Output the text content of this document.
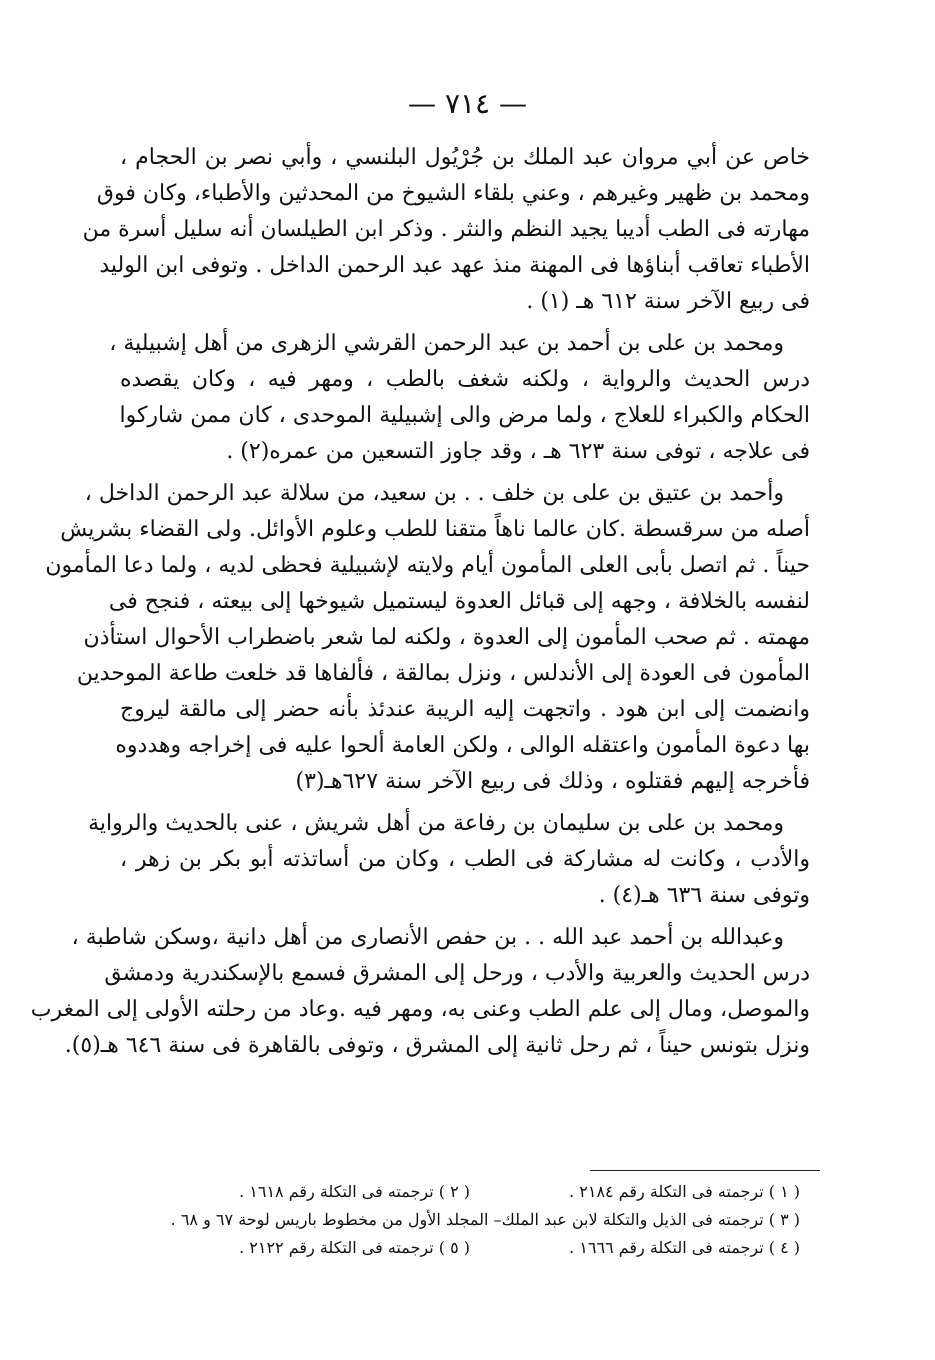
— ٧١٤ —
خاص عن أبي مروان عبد الملك بن جُرْيُول البلنسي ، وأبي نصر بن الحجام ،
ومحمد بن ظهير وغيرهم ، وعني بلقاء الشيوخ من المحدثين والأطباء، وكان فوق
مهارته فى الطب أديبا يجيد النظم والنثر . وذكر ابن الطيلسان أنه سليل أسرة من
الأطباء تعاقب أبناؤها فى المهنة منذ عهد عبد الرحمن الداخل . وتوفى ابن الوليد
فى ربيع الآخر سنة ٦١٢ هـ (١) .
ومحمد بن على بن أحمد بن عبد الرحمن القرشي الزهرى من أهل إشبيلية ،
درس الحديث والرواية ، ولكنه شغف بالطب ، ومهر فيه ، وكان يقصده
الحكام والكبراء للعلاج ، ولما مرض والى إشبيلية الموحدى ، كان ممن شاركوا
فى علاجه ، توفى سنة ٦٢٣ هـ ، وقد جاوز التسعين من عمره(٢) .
وأحمد بن عتيق بن على بن خلف . . بن سعيد، من سلالة عبد الرحمن الداخل ،
أصله من سرقسطة .كان عالما ناهاً متقنا للطب وعلوم الأوائل. ولى القضاء بشريش
حيناً . ثم اتصل بأبى العلى المأمون أيام ولايته لإشبيلية فحظى لديه ، ولما دعا المأمون
لنفسه بالخلافة ، وجهه إلى قبائل العدوة ليستميل شيوخها إلى بيعته ، فنجح فى
مهمته . ثم صحب المأمون إلى العدوة ، ولكنه لما شعر باضطراب الأحوال استأذن
المأمون فى العودة إلى الأندلس ، ونزل بمالقة ، فألفاها قد خلعت طاعة الموحدين
وانضمت إلى ابن هود . واتجهت إليه الريبة عندئذ بأنه حضر إلى مالقة ليروج
بها دعوة المأمون واعتقله الوالى ، ولكن العامة ألحوا عليه فى إخراجه وهددوه
فأخرجه إليهم فقتلوه ، وذلك فى ربيع الآخر سنة ٦٢٧هـ(٣)
ومحمد بن على بن سليمان بن رفاعة من أهل شريش ، عنى بالحديث والرواية
والأدب ، وكانت له مشاركة فى الطب ، وكان من أساتذته أبو بكر بن زهر ،
وتوفى سنة ٦٣٦ هـ(٤) .
وعبدالله بن أحمد عبد الله . . بن حفص الأنصارى من أهل دانية ،وسكن شاطبة ،
درس الحديث والعربية والأدب ، ورحل إلى المشرق فسمع بالإسكندرية ودمشق
والموصل، ومال إلى علم الطب وعنى به، ومهر فيه .وعاد من رحلته الأولى إلى المغرب
ونزل بتونس حيناً ، ثم رحل ثانية إلى المشرق ، وتوفى بالقاهرة فى سنة ٦٤٦ هـ(٥).
( ١ ) ترجمته فى التكلة رقم ٢١٨٤ .
( ٢ ) ترجمته فى التكلة رقم ١٦١٨ .
( ٣ ) ترجمته فى الذيل والتكلة لابن عبد الملك– المجلد الأول من مخطوط باريس لوحة ٦٧ و ٦٨ .
( ٤ ) ترجمته فى التكلة رقم ١٦٦٦ .
( ٥ ) ترجمته فى التكلة رقم ٢١٢٢ .
